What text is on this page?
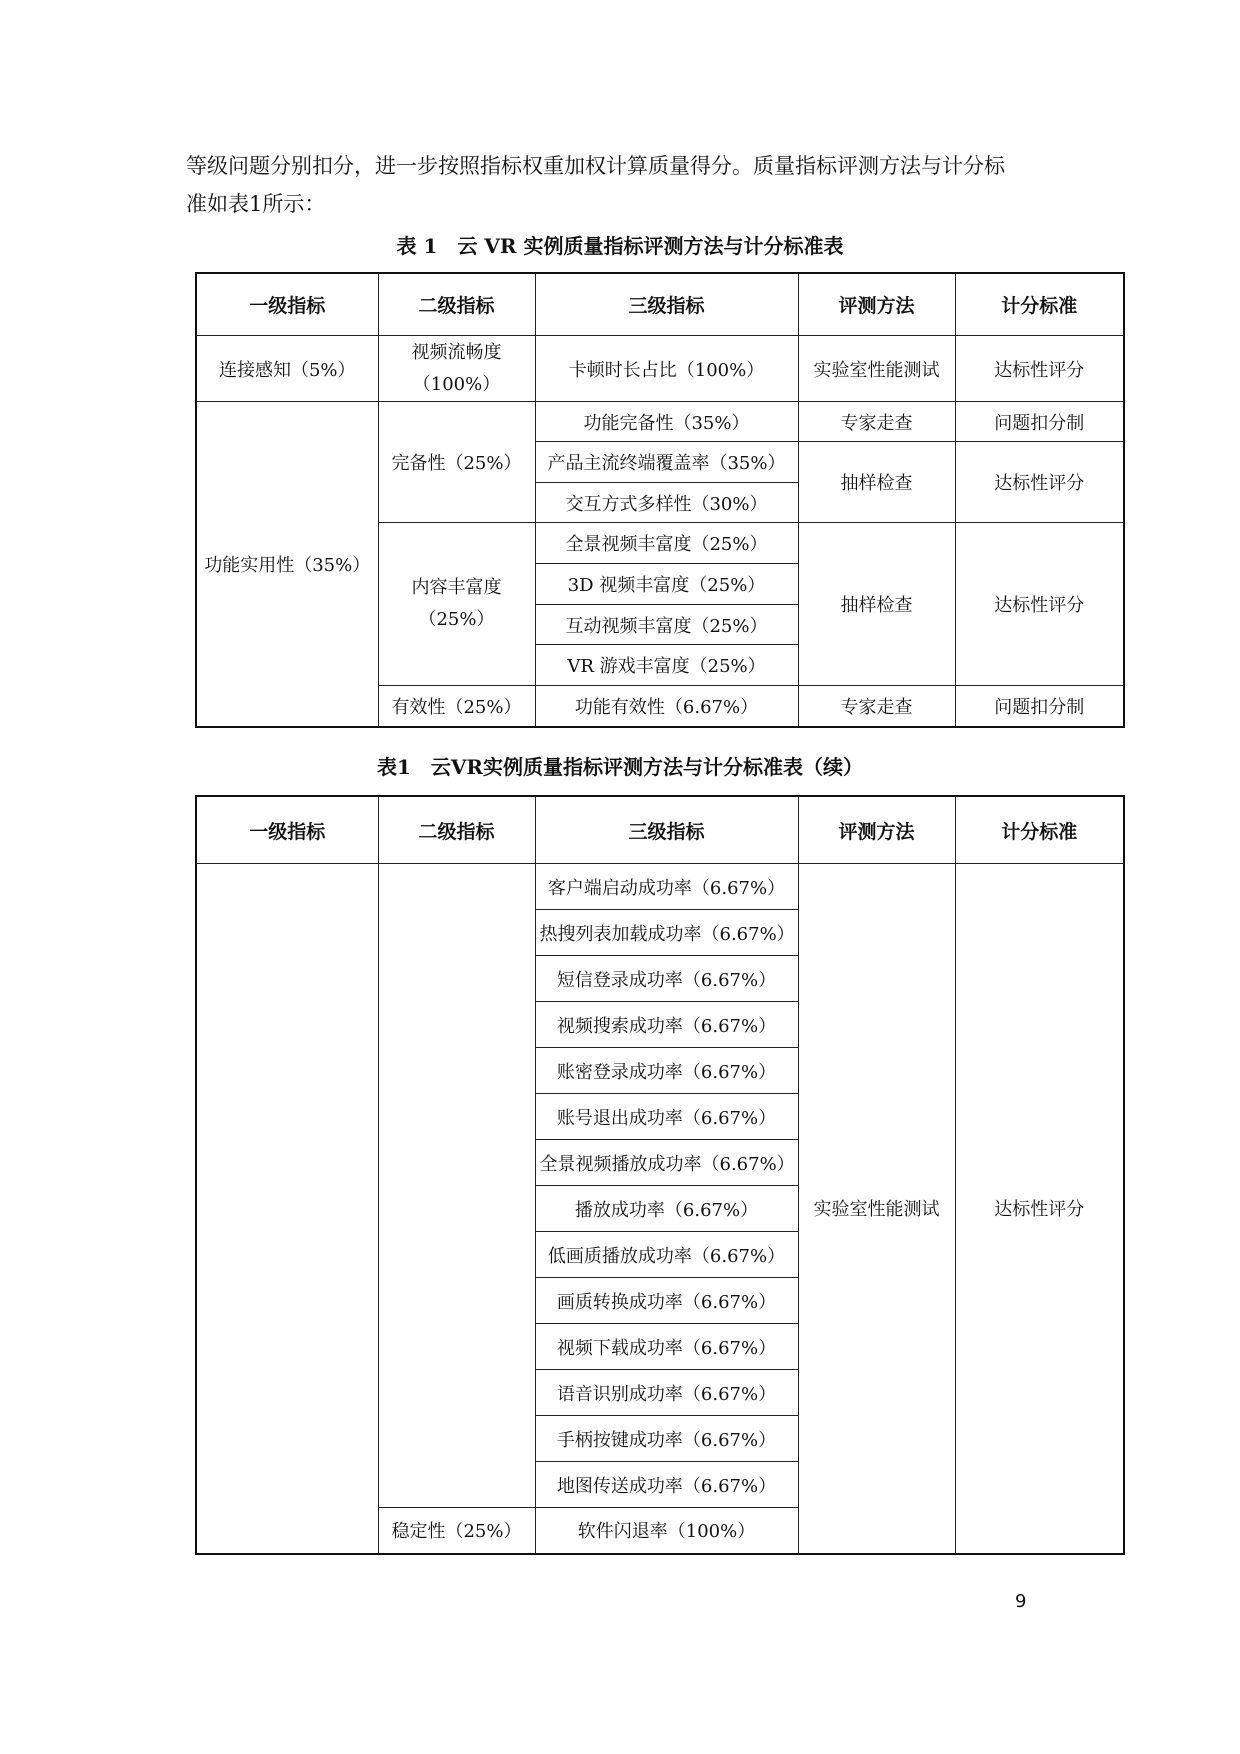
等级问题分别扣分，进一步按照指标权重加权计算质量得分。质量指标评测方法与计分标
准如表1所示：
表 1　云 VR 实例质量指标评测方法与计分标准表
一级指标	二级指标	三级指标	评测方法	计分标准
连接感知（5%）	视频流畅度
（100%）	卡顿时长占比（100%）	实验室性能测试	达标性评分
功能实用性（35%）	完备性（25%）	功能完备性（35%）	专家走查	问题扣分制
		产品主流终端覆盖率（35%）	抽样检查	达标性评分
		交互方式多样性（30%）		

	内容丰富度
（25%）	全景视频丰富度（25%）	抽样检查	达标性评分
		3D 视频丰富度（25%）		
		互动视频丰富度（25%）		
		VR 游戏丰富度（25%）		
	有效性（25%）	功能有效性（6.67%）	专家走查	问题扣分制
表1　云VR实例质量指标评测方法与计分标准表（续）
一级指标	二级指标	三级指标	评测方法	计分标准
		客户端启动成功率（6.67%）	实验室性能测试	达标性评分
		热搜列表加载成功率（6.67%）		
		短信登录成功率（6.67%）		
		视频搜索成功率（6.67%）		
		账密登录成功率（6.67%）		
		账号退出成功率（6.67%）		
		全景视频播放成功率（6.67%）		
		播放成功率（6.67%）		
		低画质播放成功率（6.67%）		
		画质转换成功率（6.67%）		
		视频下载成功率（6.67%）		
		语音识别成功率（6.67%）		
		手柄按键成功率（6.67%）		
		地图传送成功率（6.67%）		
	稳定性（25%）	软件闪退率（100%）		
9
